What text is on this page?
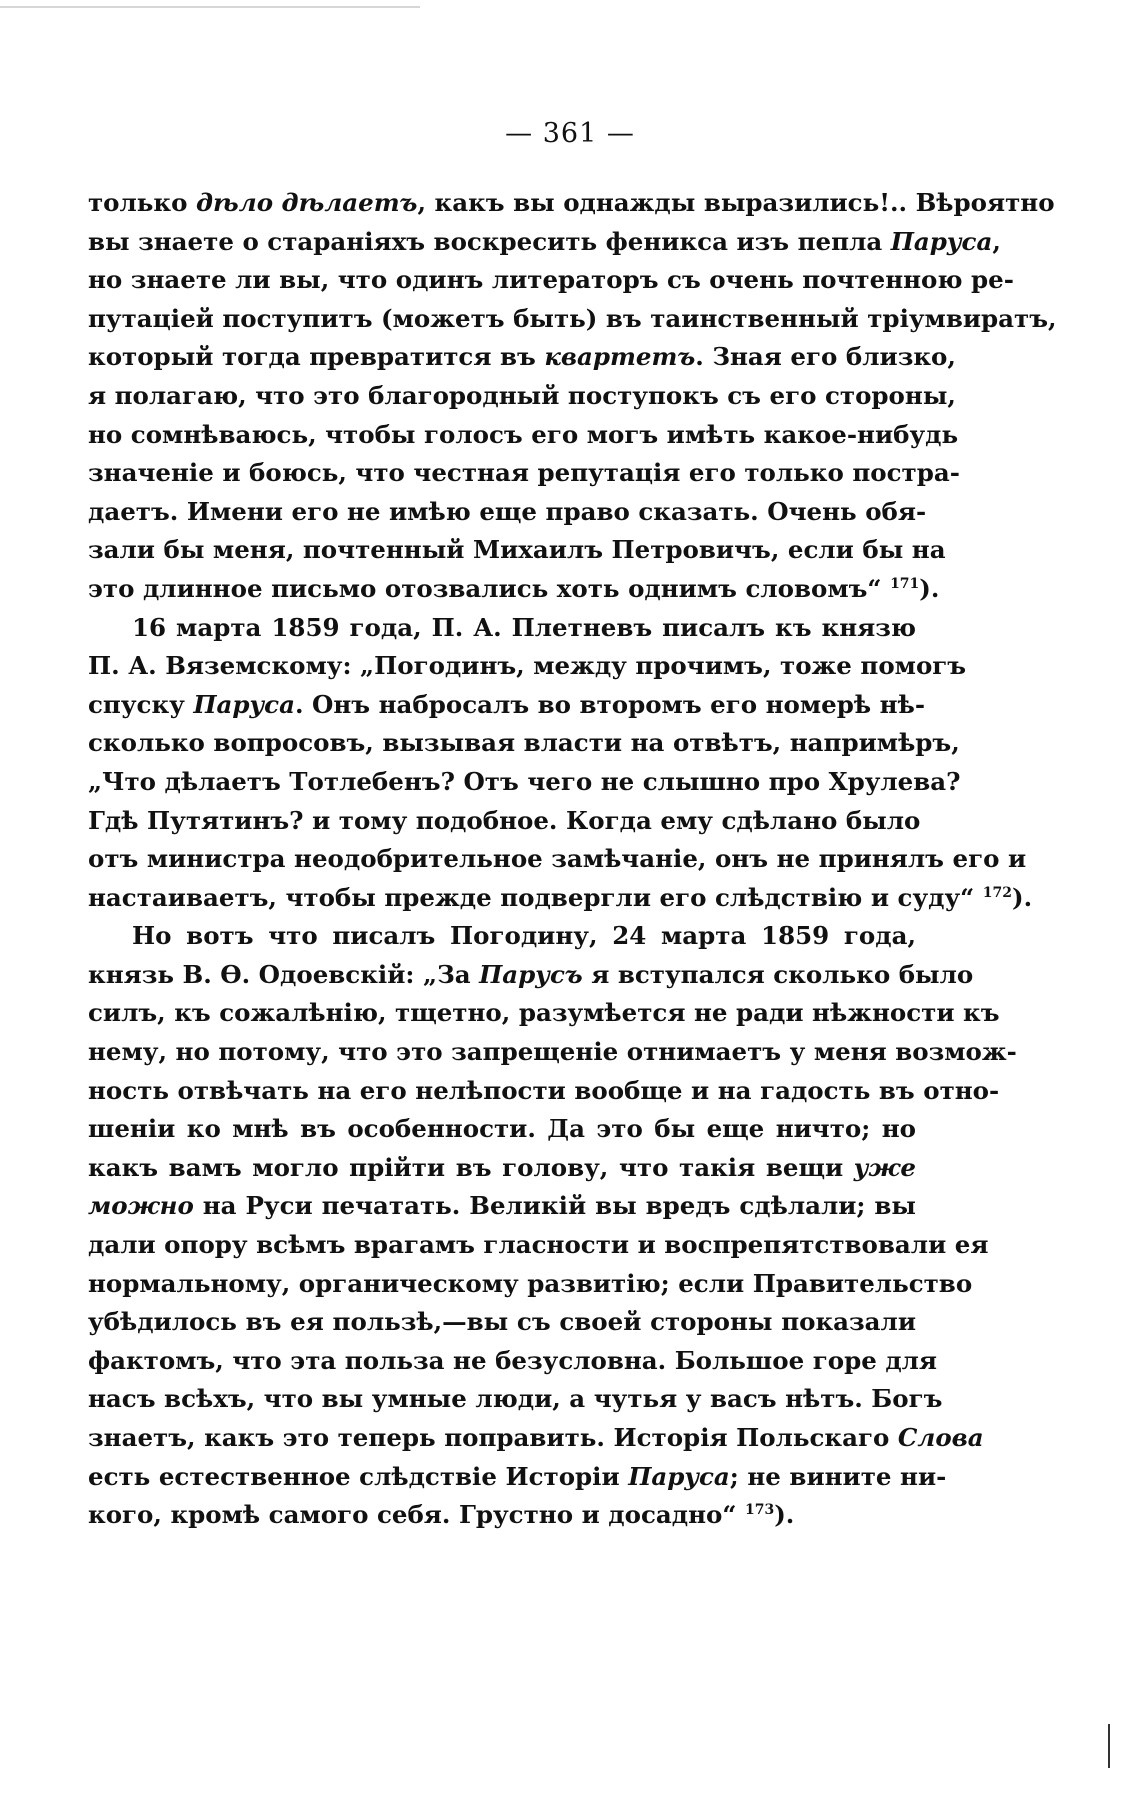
— 361 —
только дѣло дѣлаетъ, какъ вы однажды выразились!.. Вѣроятно
вы знаете о стараніяхъ воскресить феникса изъ пепла Паруса,
но знаете ли вы, что одинъ литераторъ съ очень почтенною ре-
путаціей поступитъ (можетъ быть) въ таинственный тріумвиратъ,
который тогда превратится въ квартетъ. Зная его близко,
я полагаю, что это благородный поступокъ съ его стороны,
но сомнѣваюсь, чтобы голосъ его могъ имѣть какое-нибудь
значеніе и боюсь, что честная репутація его только постра-
даетъ. Имени его не имѣю еще право сказать. Очень обя-
зали бы меня, почтенный Михаилъ Петровичъ, если бы на
это длинное письмо отозвались хоть однимъ словомъ“ $^{171}$).
16 марта 1859 года, П. А. Плетневъ писалъ къ князю
П. А. Вяземскому: „Погодинъ, между прочимъ, тоже помогъ
спуску Паруса. Онъ набросалъ во второмъ его номерѣ нѣ-
сколько вопросовъ, вызывая власти на отвѣтъ, напримѣръ,
„Что дѣлаетъ Тотлебенъ? Отъ чего не слышно про Хрулева?
Гдѣ Путятинъ? и тому подобное. Когда ему сдѣлано было
отъ министра неодобрительное замѣчаніе, онъ не принялъ его и
настаиваетъ, чтобы прежде подвергли его слѣдствію и суду“ $^{172}$).
Но вотъ что писалъ Погодину, 24 марта 1859 года,
князь В. Ѳ. Одоевскій: „За Парусъ я вступался сколько было
силъ, къ сожалѣнію, тщетно, разумѣется не ради нѣжности къ
нему, но потому, что это запрещеніе отнимаетъ у меня возмож-
ность отвѣчать на его нелѣпости вообще и на гадость въ отно-
шеніи ко мнѣ въ особенности. Да это бы еще ничто; но
какъ вамъ могло прійти въ голову, что такія вещи уже
можно на Руси печатать. Великій вы вредъ сдѣлали; вы
дали опору всѣмъ врагамъ гласности и воспрепятствовали ея
нормальному, органическому развитію; если Правительство
убѣдилось въ ея пользѣ,—вы съ своей стороны показали
фактомъ, что эта польза не безусловна. Большое горе для
насъ всѣхъ, что вы умные люди, а чутья у васъ нѣтъ. Богъ
знаетъ, какъ это теперь поправить. Исторія Польскаго Слова
есть естественное слѣдствіе Исторіи Паруса; не вините ни-
кого, кромѣ самого себя. Грустно и досадно“ $^{173}$).
